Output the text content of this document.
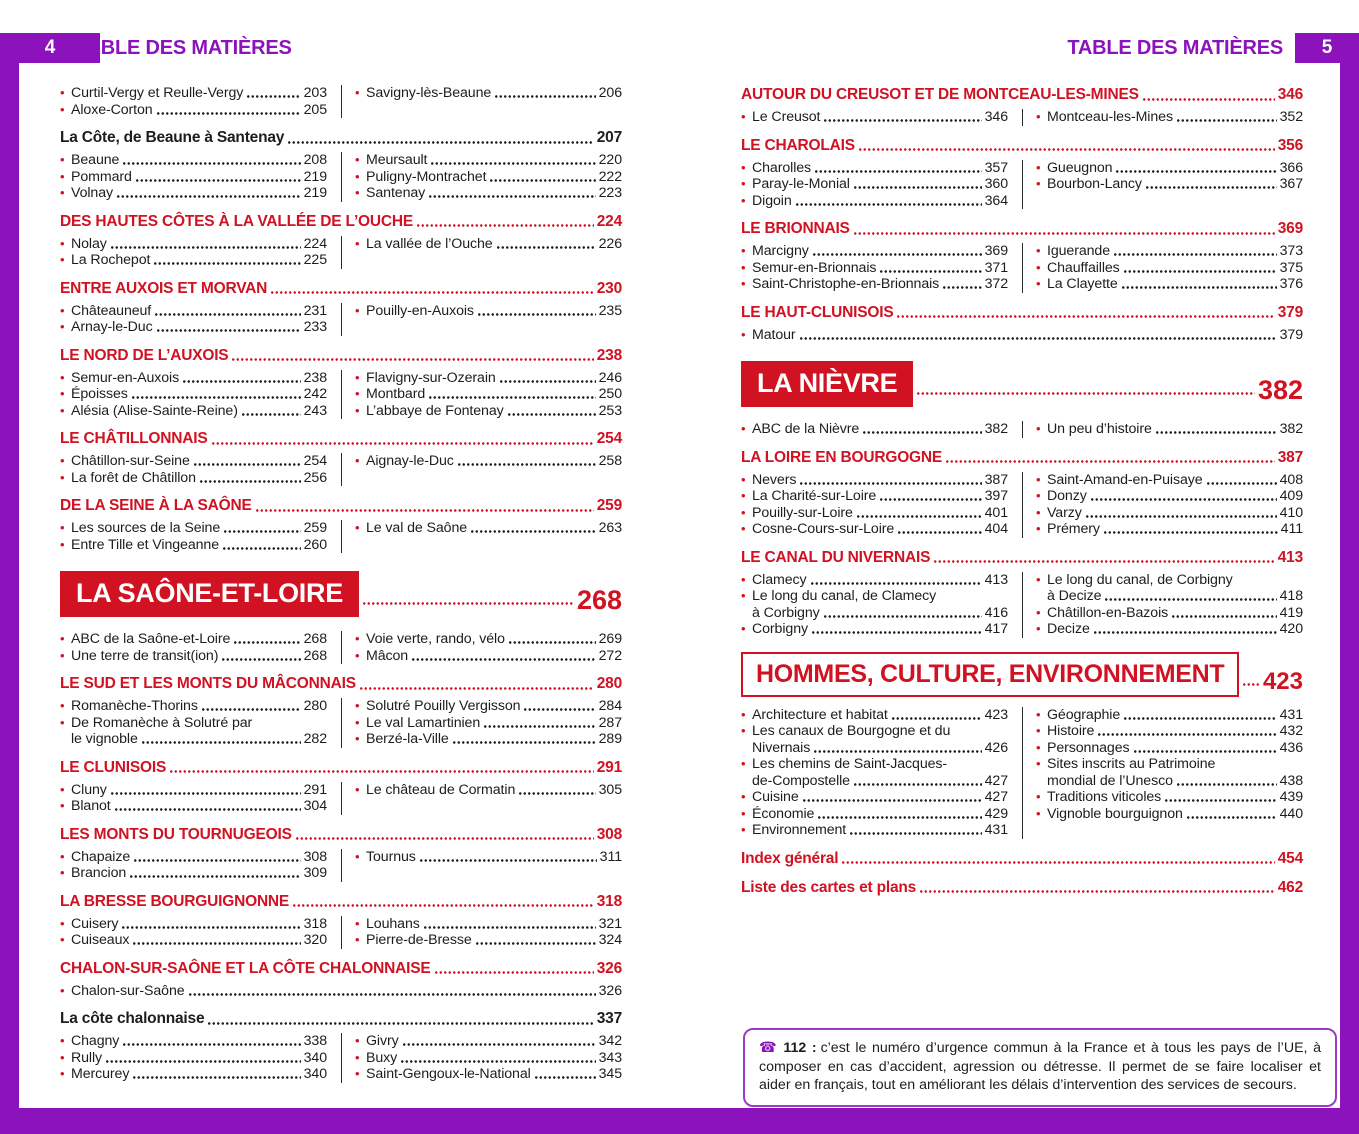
4 TABLE DES MATIÈRES	TABLE DES MATIÈRES 5
• Curtil-Vergy et Reulle-Vergy	203
• Aloxe-Corton	205
• Savigny-lès-Beaune	206
La Côte, de Beaune à Santenay	207
• Beaune	208
• Pommard	219
• Volnay	219
• Meursault	220
• Puligny-Montrachet	222
• Santenay	223
DES HAUTES CÔTES À LA VALLÉE DE L’OUCHE	224
• Nolay	224
• La Rochepot	225
• La vallée de l’Ouche	226
ENTRE AUXOIS ET MORVAN	230
• Châteauneuf	231
• Arnay-le-Duc	233
• Pouilly-en-Auxois	235
LE NORD DE L’AUXOIS	238
• Semur-en-Auxois	238
• Époisses	242
• Alésia (Alise-Sainte-Reine)	243
• Flavigny-sur-Ozerain	246
• Montbard	250
• L’abbaye de Fontenay	253
LE CHÂTILLONNAIS	254
• Châtillon-sur-Seine	254
• La forêt de Châtillon	256
• Aignay-le-Duc	258
DE LA SEINE À LA SAÔNE	259
• Les sources de la Seine	259
• Entre Tille et Vingeanne	260
• Le val de Saône	263
LA SAÔNE-ET-LOIRE	268
• ABC de la Saône-et-Loire	268
• Une terre de transit(ion)	268
• Voie verte, rando, vélo	269
• Mâcon	272
LE SUD ET LES MONTS DU MÂCONNAIS	280
• Romanèche-Thorins	280
• De Romanèche à Solutré par
le vignoble	282
• Solutré Pouilly Vergisson	284
• Le val Lamartinien	287
• Berzé-la-Ville	289
LE CLUNISOIS	291
• Cluny	291
• Blanot	304
• Le château de Cormatin	305
LES MONTS DU TOURNUGEOIS	308
• Chapaize	308
• Brancion	309
• Tournus	311
LA BRESSE BOURGUIGNONNE	318
• Cuisery	318
• Cuiseaux	320
• Louhans	321
• Pierre-de-Bresse	324
CHALON-SUR-SAÔNE ET LA CÔTE CHALONNAISE	326
• Chalon-sur-Saône	326
La côte chalonnaise	337
• Chagny	338
• Rully	340
• Mercurey	340
• Givry	342
• Buxy	343
• Saint-Gengoux-le-National	345
AUTOUR DU CREUSOT ET DE MONTCEAU-LES-MINES	346
• Le Creusot	346 • Montceau-les-Mines	352
LE CHAROLAIS	356
• Charolles	357
• Paray-le-Monial	360
• Digoin	364
• Gueugnon	366
• Bourbon-Lancy	367
LE BRIONNAIS	369
• Marcigny	369
• Semur-en-Brionnais	371
• Saint-Christophe-en-Brionnais	372
• Iguerande	373
• Chauffailles	375
• La Clayette	376
LE HAUT-CLUNISOIS	379
• Matour	379
LA NIÈVRE	382
• ABC de la Nièvre	382 • Un peu d’histoire	382
LA LOIRE EN BOURGOGNE	387
• Nevers	387
• La Charité-sur-Loire	397
• Pouilly-sur-Loire	401
• Cosne-Cours-sur-Loire	404
• Saint-Amand-en-Puisaye	408
• Donzy	409
• Varzy	410
• Prémery	411
LE CANAL DU NIVERNAIS	413
• Clamecy	413
• Le long du canal, de Clamecy
à Corbigny	416
• Corbigny	417
• Le long du canal, de Corbigny
à Decize	418
• Châtillon-en-Bazois	419
• Decize	420
HOMMES, CULTURE, ENVIRONNEMENT	423
• Architecture et habitat	423
• Les canaux de Bourgogne et du
Nivernais	426
• Les chemins de Saint-Jacques-
de-Compostelle	427
• Cuisine	427
• Économie	429
• Environnement	431
• Géographie	431
• Histoire	432
• Personnages	436
• Sites inscrits au Patrimoine
mondial de l’Unesco	438
• Traditions viticoles	439
• Vignoble bourguignon	440
Index général	454
Liste des cartes et plans	462
☎ 112 : c’est le numéro d’urgence commun à la France et à tous les pays de l’UE, à composer en cas d’accident, agression ou détresse. Il permet de se faire localiser et aider en français, tout en améliorant les délais d’intervention des services de secours.
